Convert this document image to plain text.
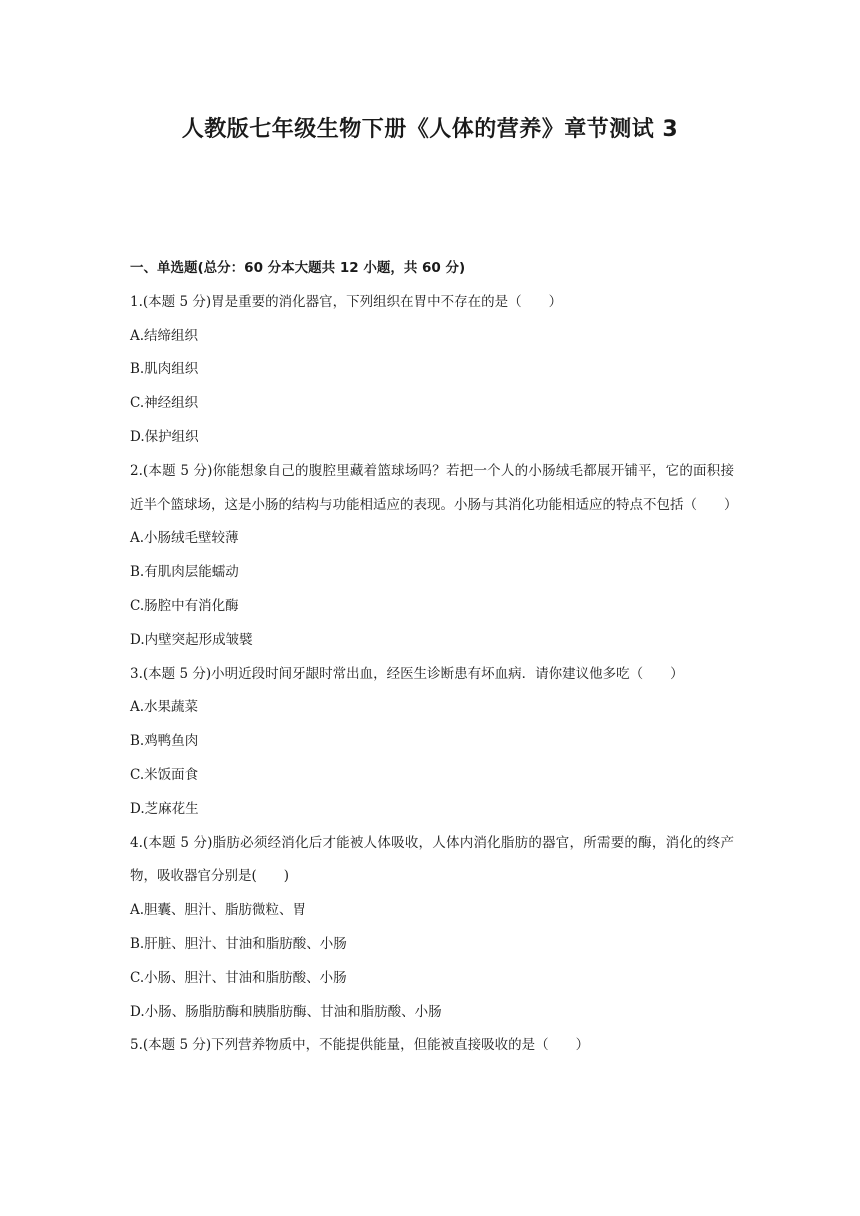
人教版七年级生物下册《人体的营养》章节测试 3

一、单选题(总分：60 分本大题共 12 小题，共 60 分)

1.(本题 5 分)胃是重要的消化器官，下列组织在胃中不存在的是（　　）

A.结缔组织

B.肌肉组织

C.神经组织

D.保护组织

2.(本题 5 分)你能想象自己的腹腔里藏着篮球场吗？若把一个人的小肠绒毛都展开铺平，它的面积接近半个篮球场，这是小肠的结构与功能相适应的表现。小肠与其消化功能相适应的特点不包括（　　）

A.小肠绒毛壁较薄

B.有肌肉层能蠕动

C.肠腔中有消化酶

D.内壁突起形成皱襞

3.(本题 5 分)小明近段时间牙龈时常出血，经医生诊断患有坏血病．请你建议他多吃（　　）

A.水果蔬菜

B.鸡鸭鱼肉

C.米饭面食

D.芝麻花生

4.(本题 5 分)脂肪必须经消化后才能被人体吸收，人体内消化脂肪的器官，所需要的酶，消化的终产物，吸收器官分别是(　　)

A.胆囊、胆汁、脂肪微粒、胃

B.肝脏、胆汁、甘油和脂肪酸、小肠

C.小肠、胆汁、甘油和脂肪酸、小肠

D.小肠、肠脂肪酶和胰脂肪酶、甘油和脂肪酸、小肠

5.(本题 5 分)下列营养物质中，不能提供能量，但能被直接吸收的是（　　）
